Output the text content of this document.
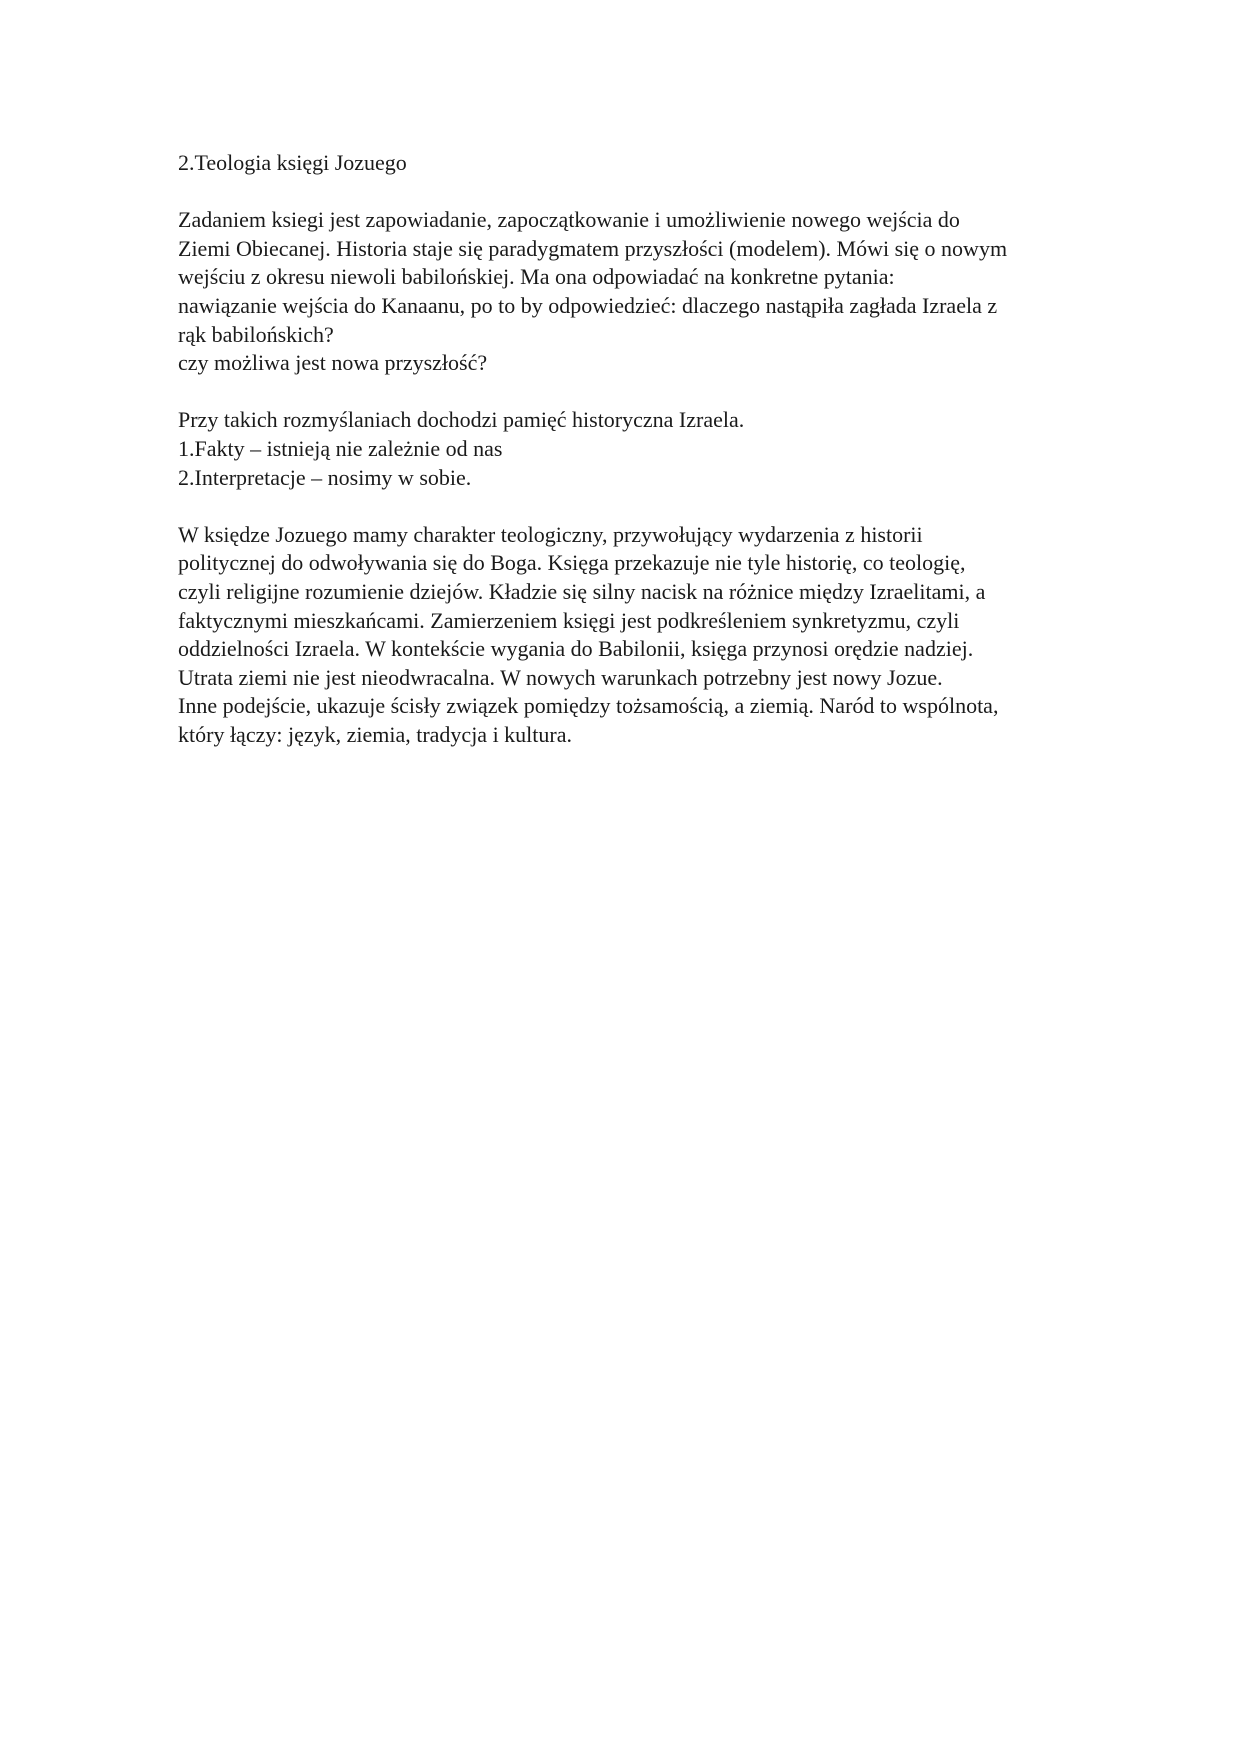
2.Teologia księgi Jozuego
Zadaniem ksiegi jest zapowiadanie, zapoczątkowanie i umożliwienie nowego wejścia do
Ziemi Obiecanej. Historia staje się paradygmatem przyszłości (modelem). Mówi się o nowym
wejściu z okresu niewoli babilońskiej. Ma ona odpowiadać na konkretne pytania:
nawiązanie wejścia do Kanaanu, po to by odpowiedzieć: dlaczego nastąpiła zagłada Izraela z
rąk babilońskich?
czy możliwa jest nowa przyszłość?
Przy takich rozmyślaniach dochodzi pamięć historyczna Izraela.
1.Fakty – istnieją nie zależnie od nas
2.Interpretacje – nosimy w sobie.
W księdze Jozuego mamy charakter teologiczny, przywołujący wydarzenia z historii
politycznej do odwoływania się do Boga. Księga przekazuje nie tyle historię, co teologię,
czyli religijne rozumienie dziejów. Kładzie się silny nacisk na różnice między Izraelitami, a
faktycznymi mieszkańcami. Zamierzeniem księgi jest podkreśleniem synkretyzmu, czyli
oddzielności Izraela. W kontekście wygania do Babilonii, księga przynosi orędzie nadziej.
Utrata ziemi nie jest nieodwracalna. W nowych warunkach potrzebny jest nowy Jozue.
Inne podejście, ukazuje ścisły związek pomiędzy tożsamością, a ziemią. Naród to wspólnota,
który łączy: język, ziemia, tradycja i kultura.
